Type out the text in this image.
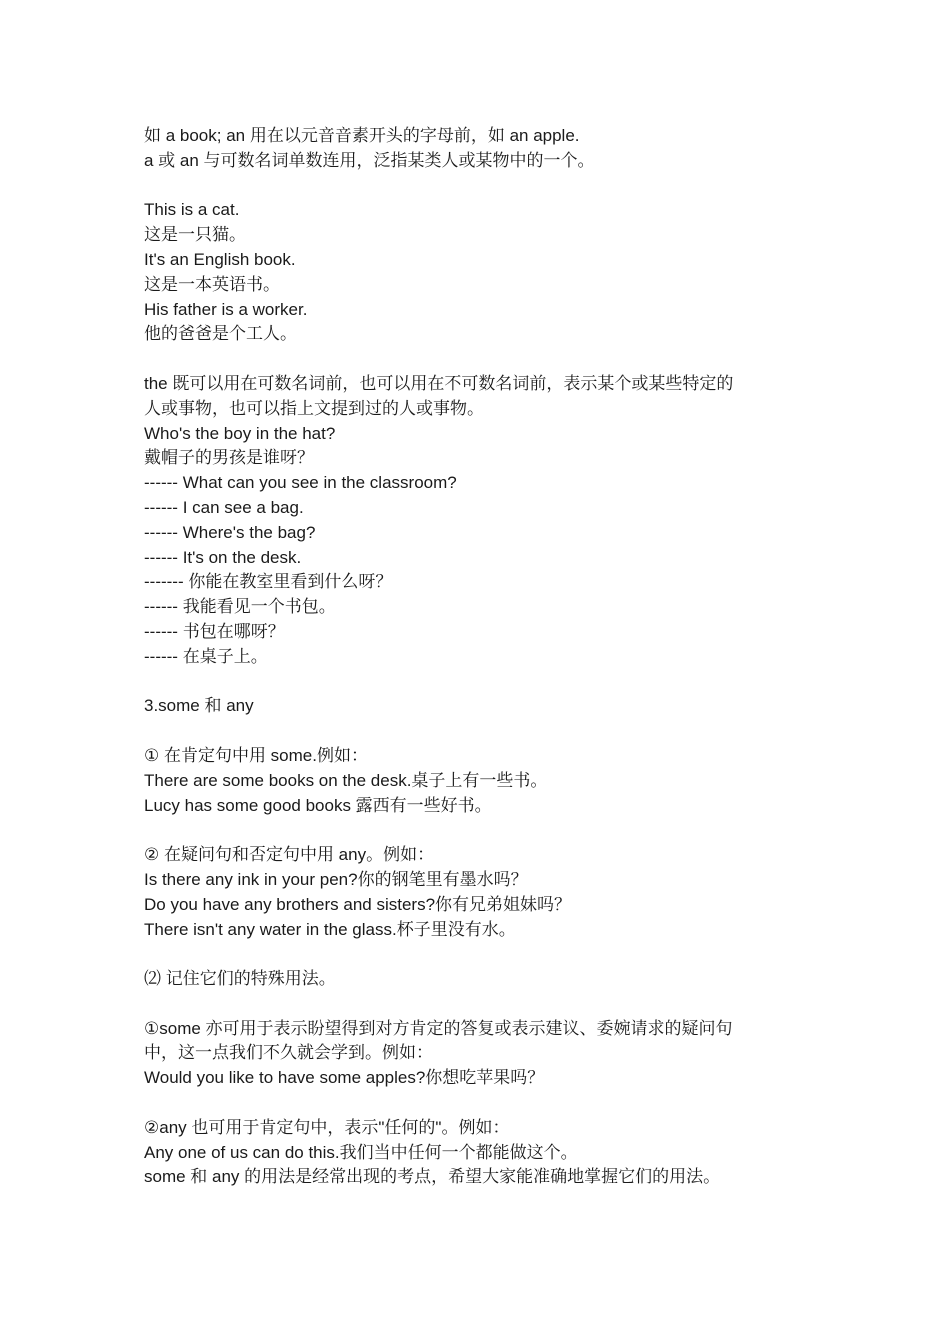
如 a book; an 用在以元音音素开头的字母前，如 an apple.
a 或 an 与可数名词单数连用，泛指某类人或某物中的一个。
This is a cat.
这是一只猫。
It's an English book.
这是一本英语书。
His father is a worker.
他的爸爸是个工人。
the 既可以用在可数名词前，也可以用在不可数名词前，表示某个或某些特定的
人或事物，也可以指上文提到过的人或事物。
Who's the boy in the hat?
戴帽子的男孩是谁呀？
------ What can you see in the classroom?
------ I can see a bag.
------ Where's the bag?
------ It's on the desk.
------- 你能在教室里看到什么呀？
------ 我能看见一个书包。
------ 书包在哪呀？
------ 在桌子上。
3.some 和 any
① 在肯定句中用 some.例如：
There are some books on the desk.桌子上有一些书。
Lucy has some good books 露西有一些好书。
② 在疑问句和否定句中用 any。例如：
Is there any ink in your pen?你的钢笔里有墨水吗？
Do you have any brothers and sisters?你有兄弟姐妹吗？
There isn't any water in the glass.杯子里没有水。
⑵ 记住它们的特殊用法。
①some 亦可用于表示盼望得到对方肯定的答复或表示建议、委婉请求的疑问句
中，这一点我们不久就会学到。例如：
Would you like to have some apples?你想吃苹果吗？
②any 也可用于肯定句中，表示"任何的"。例如：
Any one of us can do this.我们当中任何一个都能做这个。
some 和 any 的用法是经常出现的考点，希望大家能准确地掌握它们的用法。
